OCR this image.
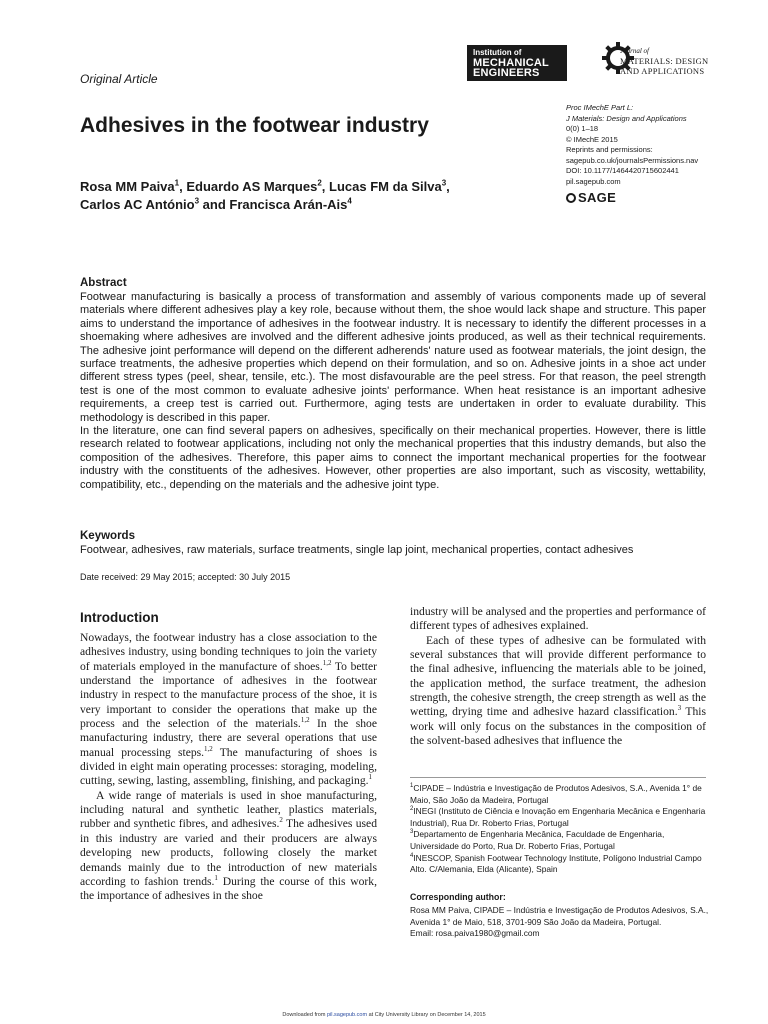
Original Article
Institution of
MECHANICAL
ENGINEERS
Journal of
MATERIALS: DESIGN
AND APPLICATIONS
Proc IMechE Part L:
J Materials: Design and Applications
0(0) 1–18
© IMechE 2015
Reprints and permissions:
sagepub.co.uk/journalsPermissions.nav
DOI: 10.1177/1464420715602441
pil.sagepub.com
SAGE
Adhesives in the footwear industry
Rosa MM Paiva$^1$, Eduardo AS Marques$^2$, Lucas FM da Silva$^3$,
Carlos AC António$^3$ and Francisca Arán-Ais$^4$
Abstract

Footwear manufacturing is basically a process of transformation and assembly of various components made up of several materials where different adhesives play a key role, because without them, the shoe would lack shape and structure. This paper aims to understand the importance of adhesives in the footwear industry. It is necessary to identify the different processes in a shoemaking where adhesives are involved and the different adhesive joints produced, as well as their technical requirements. The adhesive joint performance will depend on the different adherends' nature used as footwear materials, the joint design, the surface treatments, the adhesive properties which depend on their formulation, and so on. Adhesive joints in a shoe act under different stress types (peel, shear, tensile, etc.). The most disfavourable are the peel stress. For that reason, the peel strength test is one of the most common to evaluate adhesive joints' performance. When heat resistance is an important adhesive requirements, a creep test is carried out. Furthermore, aging tests are undertaken in order to evaluate durability. This methodology is described in this paper.

In the literature, one can find several papers on adhesives, specifically on their mechanical properties. However, there is little research related to footwear applications, including not only the mechanical properties that this industry demands, but also the composition of the adhesives. Therefore, this paper aims to connect the important mechanical properties for the footwear industry with the constituents of the adhesives. However, other properties are also important, such as viscosity, wettability, compatibility, etc., depending on the materials and the adhesive joint type.

Keywords
Footwear, adhesives, raw materials, surface treatments, single lap joint, mechanical properties, contact adhesives
Date received: 29 May 2015; accepted: 30 July 2015
Introduction

Nowadays, the footwear industry has a close association to the adhesives industry, using bonding techniques to join the variety of materials employed in the manufacture of shoes.$^{1,2}$ To better understand the importance of adhesives in the footwear industry in respect to the manufacture process of the shoe, it is very important to consider the operations that make up the process and the selection of the materials.$^{1,2}$ In the shoe manufacturing industry, there are several operations that use manual processing steps.$^{1,2}$ The manufacturing of shoes is divided in eight main operating processes: storaging, modeling, cutting, sewing, lasting, assembling, finishing, and packaging.$^1$

A wide range of materials is used in shoe manufacturing, including natural and synthetic leather, plastics materials, rubber and synthetic fibres, and adhesives.$^2$ The adhesives used in this industry are varied and their producers are always developing new products, following closely the market demands mainly due to the introduction of new materials according to fashion trends.$^1$ During the course of this work, the importance of adhesives in the shoe

industry will be analysed and the properties and performance of different types of adhesives explained.

Each of these types of adhesive can be formulated with several substances that will provide different performance to the final adhesive, influencing the materials able to be joined, the application method, the surface treatment, the adhesion strength, the cohesive strength, the creep strength as well as the wetting, drying time and adhesive hazard classification.$^3$ This work will only focus on the substances in the composition of the solvent-based adhesives that influence the

$^1$CIPADE – Indústria e Investigação de Produtos Adesivos, S.A., Avenida 1° de Maio, São João da Madeira, Portugal

$^2$INEGI (Instituto de Ciência e Inovação em Engenharia Mecânica e Engenharia Industrial), Rua Dr. Roberto Frias, Portugal

$^3$Departamento de Engenharia Mecânica, Faculdade de Engenharia, Universidade do Porto, Rua Dr. Roberto Frias, Portugal

$^4$INESCOP, Spanish Footwear Technology Institute, Polígono Industrial Campo Alto. C/Alemania, Elda (Alicante), Spain

Corresponding author:

Rosa MM Paiva, CIPADE – Indústria e Investigação de Produtos Adesivos, S.A., Avenida 1° de Maio, 518, 3701-909 São João da Madeira, Portugal.

Email: rosa.paiva1980@gmail.com

Downloaded from pil.sagepub.com at City University Library on December 14, 2015
